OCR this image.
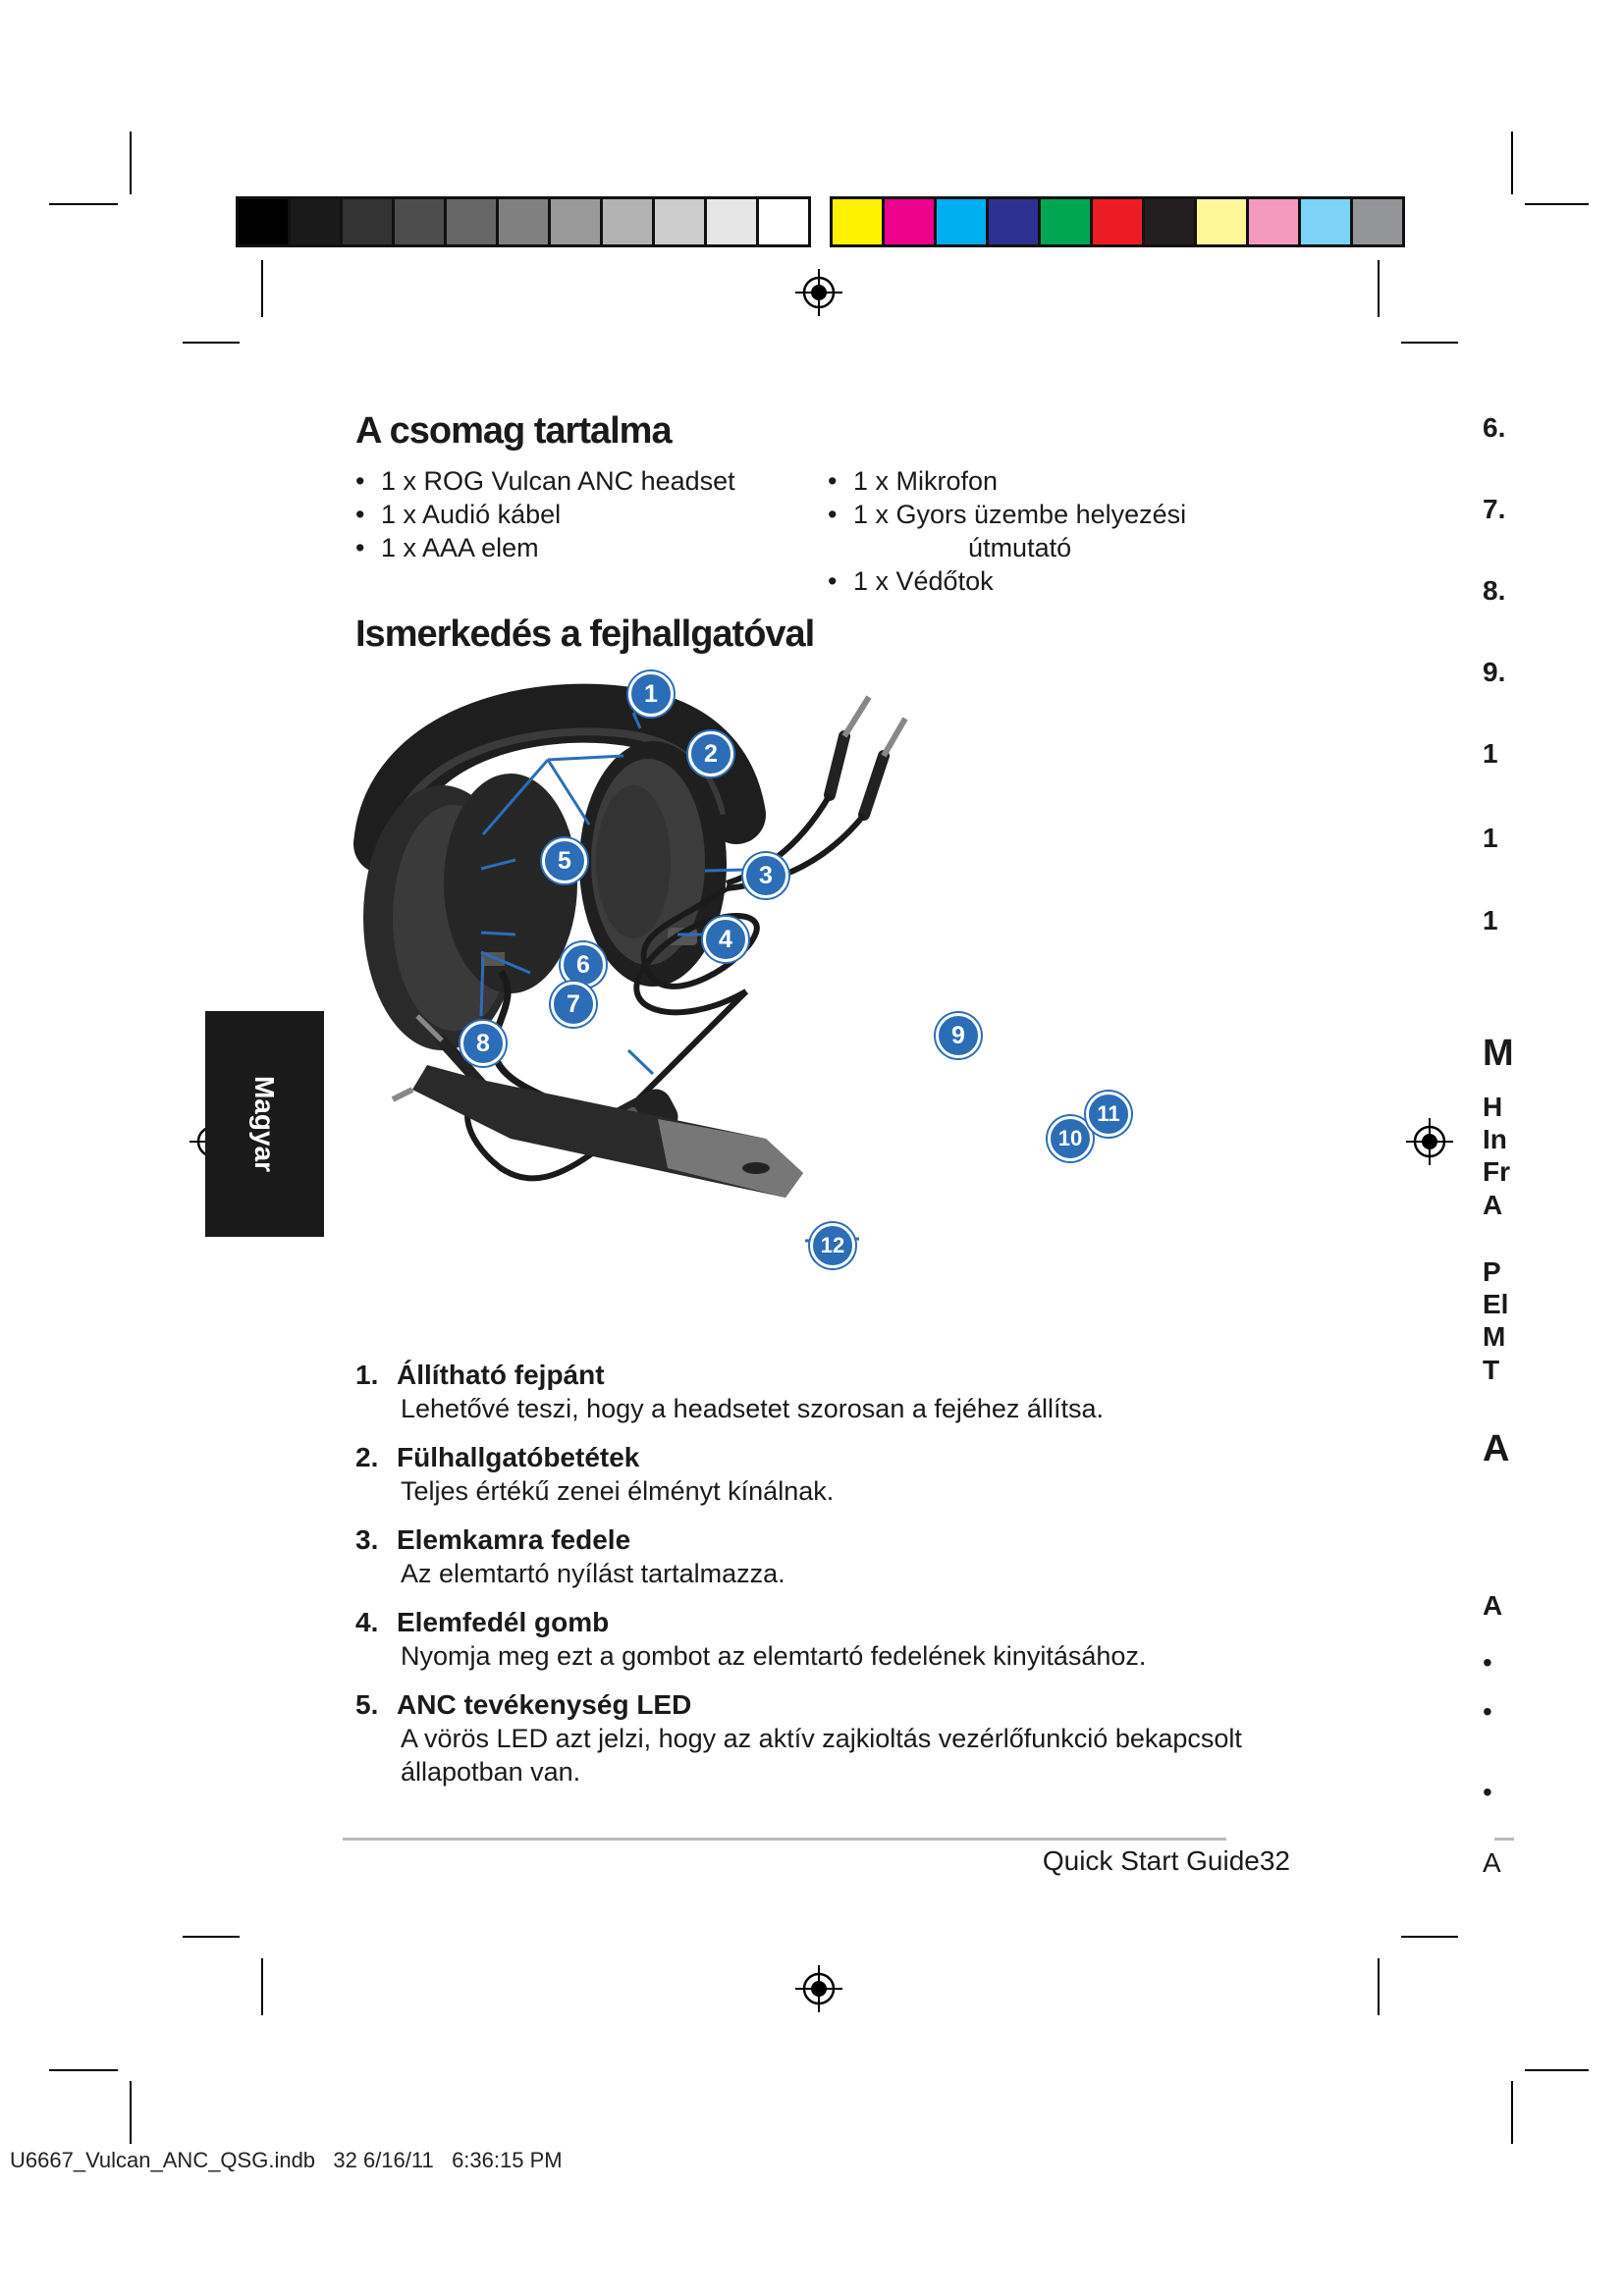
Magyar
A csomag tartalma
• 1 x ROG Vulcan ANC headset
• 1 x Audió kábel
• 1 x AAA elem
• 1 x Mikrofon
• 1 x Gyors üzembe helyezési
útmutató
• 1 x Védőtok
Ismerkedés a fejhallgatóval
1
2
3
4
5
6
7
8	9
10
11
12
1. Állítható fejpánt
Lehetővé teszi, hogy a headsetet szorosan a fejéhez állítsa.
2. Fülhallgatóbetétek
Teljes értékű zenei élményt kínálnak.
3. Elemkamra fedele
Az elemtartó nyílást tartalmazza.
4. Elemfedél gomb
Nyomja meg ezt a gombot az elemtartó fedelének kinyitásához.
5. ANC tevékenység LED
A vörös LED azt jelzi, hogy az aktív zajkioltás vezérlőfunkció bekapcsolt állapotban van.
Quick Start Guide32
U6667_Vulcan_ANC_QSG.indb   32 6/16/11   6:36:15 PM
6.
7.
8.
9.
1
1
1
M
H
In
Fr
A
P
El
M
T
A
A
•
•
•
A
